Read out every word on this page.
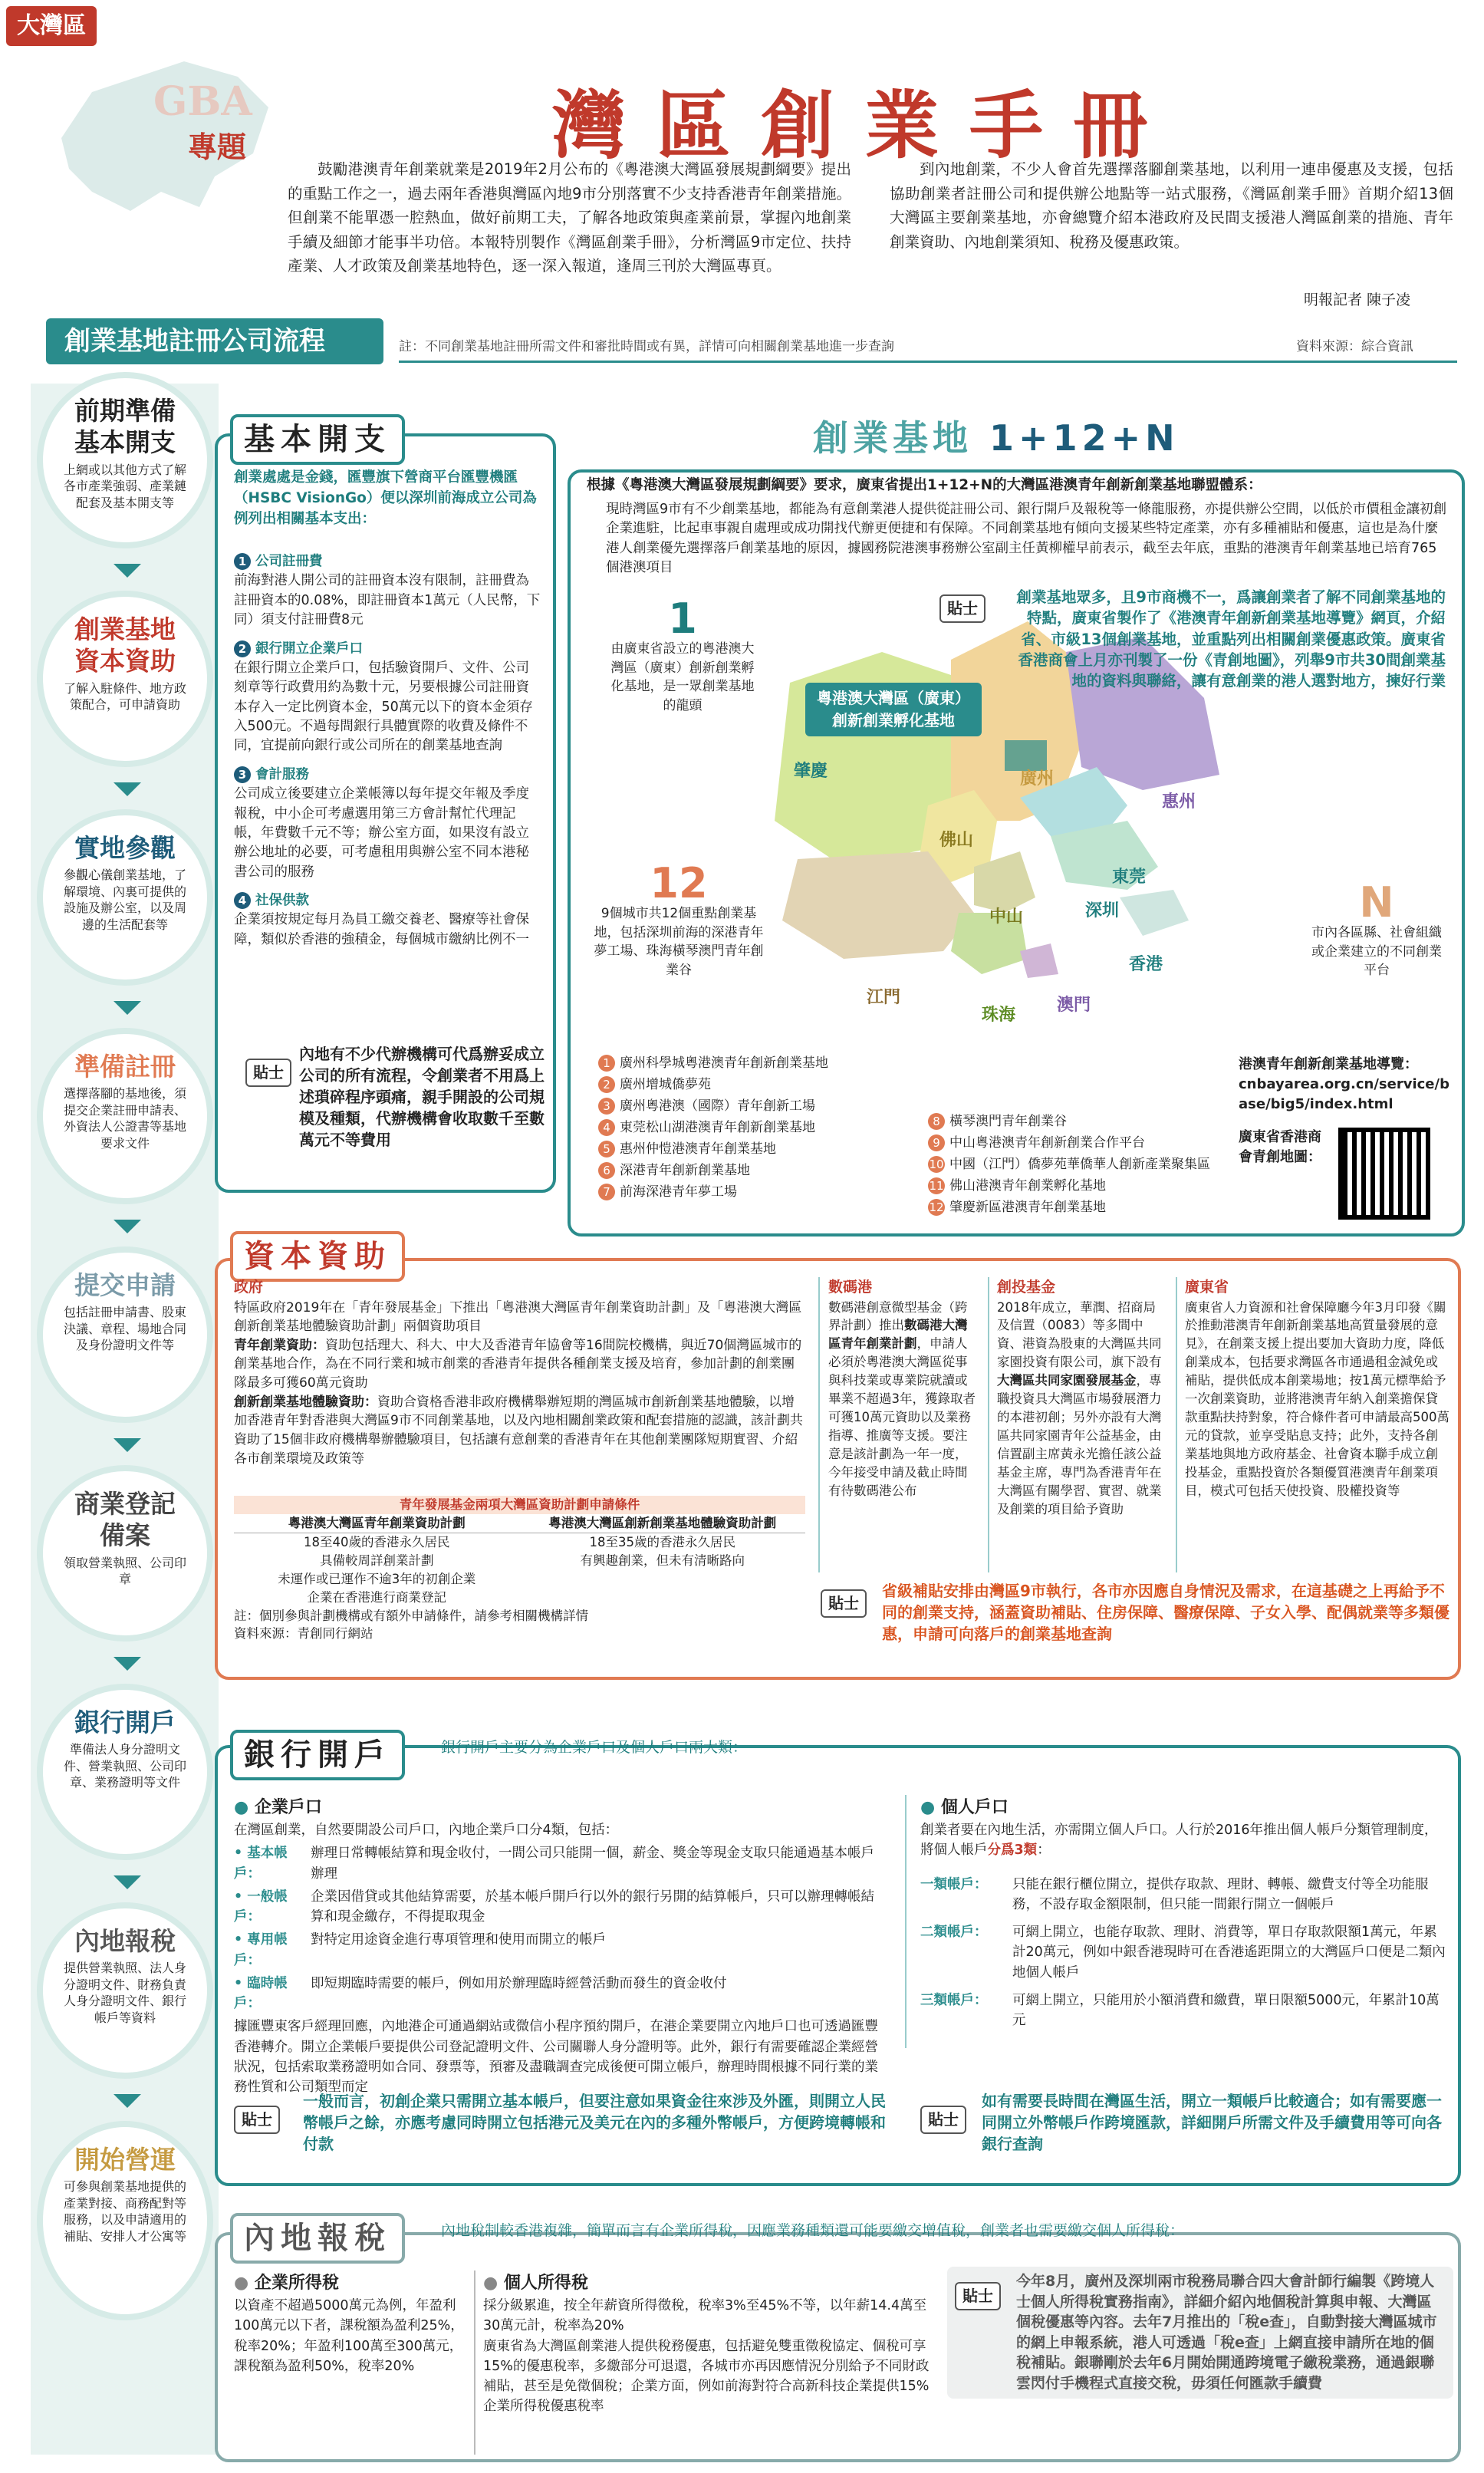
大灣區
GBA
專題	灣區創業手冊

鼓勵港澳青年創業就業是2019年2月公布的《粵港澳大灣區發展規劃綱要》提出的重點工作之一，過去兩年香港與灣區內地9市分別落實不少支持香港青年創業措施。但創業不能單憑一腔熱血，做好前期工夫，了解各地政策與產業前景，掌握內地創業手續及細節才能事半功倍。本報特別製作《灣區創業手冊》，分析灣區9市定位、扶持產業、人才政策及創業基地特色，逐一深入報道，逢周三刊於大灣區專頁。

到內地創業，不少人會首先選擇落腳創業基地，以利用一連串優惠及支援，包括協助創業者註冊公司和提供辦公地點等一站式服務，《灣區創業手冊》首期介紹13個大灣區主要創業基地，亦會總覽介紹本港政府及民間支援港人灣區創業的措施、青年創業資助、內地創業須知、稅務及優惠政策。

明報記者 陳子凌
創業基地註冊公司流程	註：不同創業基地註冊所需文件和審批時間或有異，詳情可向相關創業基地進一步查詢	資料來源：綜合資訊
前期準備
基本開支
上網或以其他方式了解各市產業強弱、產業鏈配套及基本開支等
創業基地
資本資助
了解入駐條件、地方政策配合，可申請資助
實地參觀
參觀心儀創業基地，了解環境、內裏可提供的設施及辦公室，以及周邊的生活配套等
準備註冊
選擇落腳的基地後，須提交企業註冊申請表、外資法人公證書等基地要求文件
提交申請
包括註冊申請書、股東決議、章程、場地合同及身份證明文件等
商業登記
備案
領取營業執照、公司印章
銀行開戶
準備法人身分證明文件、營業執照、公司印章、業務證明等文件
內地報稅
提供營業執照、法人身分證明文件、財務負責人身分證明文件、銀行帳戶等資料
開始營運
可參與創業基地提供的產業對接、商務配對等服務，以及申請適用的補貼、安排人才公寓等
基本開支
創業處處是金錢，匯豐旗下營商平台匯豐機匯（HSBC VisionGo）便以深圳前海成立公司為例列出相關基本支出：
1 公司註冊費
前海對港人開公司的註冊資本沒有限制，註冊費為註冊資本的0.08%，即註冊資本1萬元（人民幣，下同）須支付註冊費8元
2 銀行開立企業戶口
在銀行開立企業戶口，包括驗資開戶、文件、公司刻章等行政費用約為數十元，另要根據公司註冊資本存入一定比例資本金，50萬元以下的資本金須存入500元。不過每間銀行具體實際的收費及條件不同，宜提前向銀行或公司所在的創業基地查詢
3 會計服務
公司成立後要建立企業帳簿以每年提交年報及季度報稅，中小企可考慮選用第三方會計幫忙代理記帳，年費數千元不等；辦公室方面，如果沒有設立辦公地址的必要，可考慮租用與辦公室不同本港秘書公司的服務
4 社保供款
企業須按規定每月為員工繳交養老、醫療等社會保障，類似於香港的強積金，每個城市繳納比例不一
貼士
內地有不少代辦機構可代爲辦妥成立公司的所有流程，令創業者不用爲上述瑣碎程序頭痛，親手開設的公司規模及種類，代辦機構會收取數千至數萬元不等費用
創業基地 1+12+N
根據《粵港澳大灣區發展規劃綱要》要求，廣東省提出1+12+N的大灣區港澳青年創新創業基地聯盟體系：
現時灣區9市有不少創業基地，都能為有意創業港人提供從註冊公司、銀行開戶及報稅等一條龍服務，亦提供辦公空間，以低於市價租金讓初創企業進駐，比起車事親自處理或成功開找代辦更便捷和有保障。不同創業基地有傾向支援某些特定產業，亦有多種補貼和優惠，這也是為什麼港人創業優先選擇落戶創業基地的原因，據國務院港澳事務辦公室副主任黃柳權早前表示，截至去年底，重點的港澳青年創業基地已培育765個港澳項目
粵港澳大灣區（廣東）創新創業孵化基地
肇慶	廣州
惠州
佛山
東莞
深圳
中山
江門
珠海
澳門
香港
貼士
創業基地眾多，且9市商機不一，爲讓創業者了解不同創業基地的特點，廣東省製作了《港澳青年創新創業基地導覽》網頁，介紹省、市級13個創業基地，並重點列出相關創業優惠政策。廣東省香港商會上月亦刊製了一份《青創地圖》，列舉9市共30間創業基地的資料與聯絡，讓有意創業的港人選對地方，揀好行業
1
由廣東省設立的粵港澳大灣區（廣東）創新創業孵化基地，是一眾創業基地的龍頭
12
9個城市共12個重點創業基地，包括深圳前海的深港青年夢工場、珠海橫琴澳門青年創業谷
N
市內各區縣、社會組織或企業建立的不同創業平台
1 廣州科學城粵港澳青年創新創業基地
2 廣州增城僑夢苑
3 廣州粵港澳（國際）青年創新工場
4 東莞松山湖港澳青年創新創業基地
5 惠州仲愷港澳青年創業基地
6 深港青年創新創業基地
7 前海深港青年夢工場
8 橫琴澳門青年創業谷
9 中山粵港澳青年創新創業合作平台
10 中國（江門）僑夢苑華僑華人創新產業聚集區
11 佛山港澳青年創業孵化基地
12 肇慶新區港澳青年創業基地
港澳青年創新創業基地導覽：
cnbayarea.org.cn/service/base/big5/index.html
廣東省香港商會青創地圖：
資本資助
政府
特區政府2019年在「青年發展基金」下推出「粵港澳大灣區青年創業資助計劃」及「粵港澳大灣區創新創業基地體驗資助計劃」兩個資助項目
青年創業資助：資助包括理大、科大、中大及香港青年協會等16間院校機構，與近70個灣區城市的創業基地合作，為在不同行業和城市創業的香港青年提供各種創業支援及培育，參加計劃的創業團隊最多可獲60萬元資助
創新創業基地體驗資助：資助合資格香港非政府機構舉辦短期的灣區城市創新創業基地體驗，以增加香港青年對香港與大灣區9市不同創業基地，以及內地相關創業政策和配套措施的認識，該計劃共資助了15個非政府機構舉辦體驗項目，包括讓有意創業的香港青年在其他創業團隊短期實習、介紹各市創業環境及政策等
青年發展基金兩項大灣區資助計劃申請條件
粵港澳大灣區青年創業資助計劃	粵港澳大灣區創新創業基地體驗資助計劃
18至40歲的香港永久居民	18至35歲的香港永久居民
具備較周詳創業計劃	有興趣創業，但未有清晰路向
未運作或已運作不逾3年的初創企業	
企業在香港進行商業登記	
註：個別參與計劃機構或有額外申請條件，請參考相關機構詳情
資料來源：青創同行網站
數碼港
數碼港創意微型基金（跨界計劃）推出數碼港大灣區青年創業計劃，申請人必須於粵港澳大灣區從事與科技業或專業院就讀或畢業不超過3年，獲錄取者可獲10萬元資助以及業務指導、推廣等支援。要注意是該計劃為一年一度，今年接受申請及截止時間有待數碼港公布
創投基金
2018年成立，華潤、招商局及信置（0083）等多間中資、港資為股東的大灣區共同家園投資有限公司，旗下設有大灣區共同家園發展基金，專職投資具大灣區市場發展潛力的本港初創；另外亦設有大灣區共同家園青年公益基金，由信置副主席黃永光擔任該公益基金主席，專門為香港青年在大灣區有關學習、實習、就業及創業的項目給予資助
廣東省
廣東省人力資源和社會保障廳今年3月印發《關於推動港澳青年創新創業基地高質量發展的意見》，在創業支援上提出要加大資助力度，降低創業成本，包括要求灣區各市通過租金減免或補貼，提供低成本創業場地；按1萬元標準給予一次創業資助，並將港澳青年納入創業擔保貸款重點扶持對象，符合條件者可申請最高500萬元的貸款，並享受貼息支持；此外，支持各創業基地與地方政府基金、社會資本聯手成立創投基金，重點投資於各類優質港澳青年創業項目，模式可包括天使投資、股權投資等
貼士
省級補貼安排由灣區9市執行，各市亦因應自身情況及需求，在這基礎之上再給予不同的創業支持，涵蓋資助補貼、住房保障、醫療保障、子女入學、配偶就業等多類優惠，申請可向落戶的創業基地查詢
銀行開戶	銀行開戶主要分為企業戶口及個人戶口兩大類：
● 企業戶口
在灣區創業，自然要開設公司戶口，內地企業戶口分4類，包括：
• 基本帳戶：
辦理日常轉帳結算和現金收付，一間公司只能開一個，薪金、獎金等現金支取只能通過基本帳戶辦理
• 一般帳戶：
企業因借貸或其他結算需要，於基本帳戶開戶行以外的銀行另開的結算帳戶，只可以辦理轉帳結算和現金繳存，不得提取現金
• 專用帳戶：
對特定用途資金進行專項管理和使用而開立的帳戶
• 臨時帳戶：
即短期臨時需要的帳戶，例如用於辦理臨時經營活動而發生的資金收付
據匯豐東客戶經理回應，內地港企可通過網站或微信小程序預約開戶，在港企業要開立內地戶口也可透過匯豐香港轉介。開立企業帳戶要提供公司登記證明文件、公司關聯人身分證明等。此外，銀行有需要確認企業經營狀況，包括索取業務證明如合同、發票等，預審及盡職調查完成後便可開立帳戶，辦理時間根據不同行業的業務性質和公司類型而定
● 個人戶口
創業者要在內地生活，亦需開立個人戶口。人行於2016年推出個人帳戶分類管理制度，將個人帳戶分爲3類：
一類帳戶：	只能在銀行櫃位開立，提供存取款、理財、轉帳、繳費支付等全功能服務，不設存取金額限制，但只能一間銀行開立一個帳戶
二類帳戶：	可網上開立，也能存取款、理財、消費等，單日存取款限額1萬元，年累計20萬元，例如中銀香港現時可在香港遙距開立的大灣區戶口便是二類內地個人帳戶
三類帳戶：	可網上開立，只能用於小額消費和繳費，單日限額5000元，年累計10萬元
貼士
一般而言，初創企業只需開立基本帳戶，但要注意如果資金往來涉及外匯，則開立人民幣帳戶之餘，亦應考慮同時開立包括港元及美元在內的多種外幣帳戶，方便跨境轉帳和付款
貼士
如有需要長時間在灣區生活，開立一類帳戶比較適合；如有需要應一同開立外幣帳戶作跨境匯款，詳細開戶所需文件及手續費用等可向各銀行查詢
內地報稅	內地稅制較香港複雜，簡單而言有企業所得稅，因應業務種類還可能要繳交增值稅，創業者也需要繳交個人所得稅：
● 企業所得稅
以資產不超過5000萬元為例，年盈利100萬元以下者，課稅額為盈利25%，稅率20%；年盈利100萬至300萬元，課稅額為盈利50%，稅率20%
● 個人所得稅
採分級累進，按全年薪資所得徵稅，稅率3%至45%不等，以年薪14.4萬至30萬元計，稅率為20%
廣東省為大灣區創業港人提供稅務優惠，包括避免雙重徵稅協定、個稅可享15%的優惠稅率，多繳部分可退還，各城市亦再因應情況分別給予不同財政補貼，甚至是免徵個稅；企業方面，例如前海對符合高新科技企業提供15%企業所得稅優惠稅率
貼士
今年8月，廣州及深圳兩市稅務局聯合四大會計師行編製《跨境人士個人所得稅實務指南》，詳細介紹內地個稅計算與申報、大灣區個稅優惠等內容。去年7月推出的「稅e查」，自動對接大灣區城市的網上申報系統，港人可透過「稅e查」上網直接申請所在地的個稅補貼。銀聯剛於去年6月開始開通跨境電子繳稅業務，通過銀聯雲閃付手機程式直接交稅，毋須任何匯款手續費
